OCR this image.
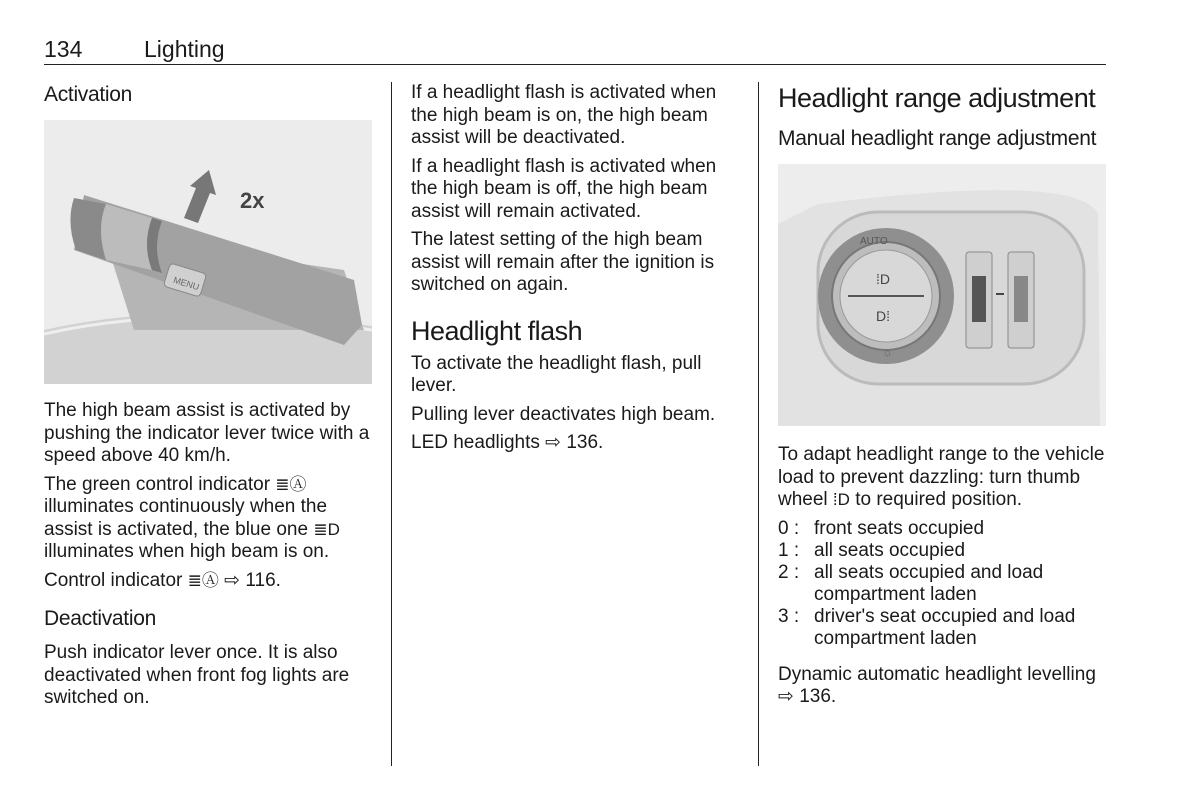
134	Lighting
Activation
MENU
2x

The high beam assist is activated by pushing the indicator lever twice with a speed above 40 km/h.

The green control indicator ≣Ⓐ illuminates continuously when the assist is activated, the blue one ≣D illuminates when high beam is on.

Control indicator ≣Ⓐ ⇨ 116.

Deactivation

Push indicator lever once. It is also deactivated when front fog lights are switched on.

If a headlight flash is activated when the high beam is on, the high beam assist will be deactivated.

If a headlight flash is activated when the high beam is off, the high beam assist will remain activated.

The latest setting of the high beam assist will remain after the ignition is switched on again.

Headlight flash

To activate the headlight flash, pull lever.

Pulling lever deactivates high beam.

LED headlights ⇨ 136.

Headlight range adjustment
Manual headlight range adjustment
⁞D
D⁞
AUTO
☼

To adapt headlight range to the vehicle load to prevent dazzling: turn thumb wheel ⁞D to required position.

0 : front seats occupied
1 : all seats occupied
2 : all seats occupied and load compartment laden
3 : driver's seat occupied and load compartment laden

Dynamic automatic headlight levelling ⇨ 136.
